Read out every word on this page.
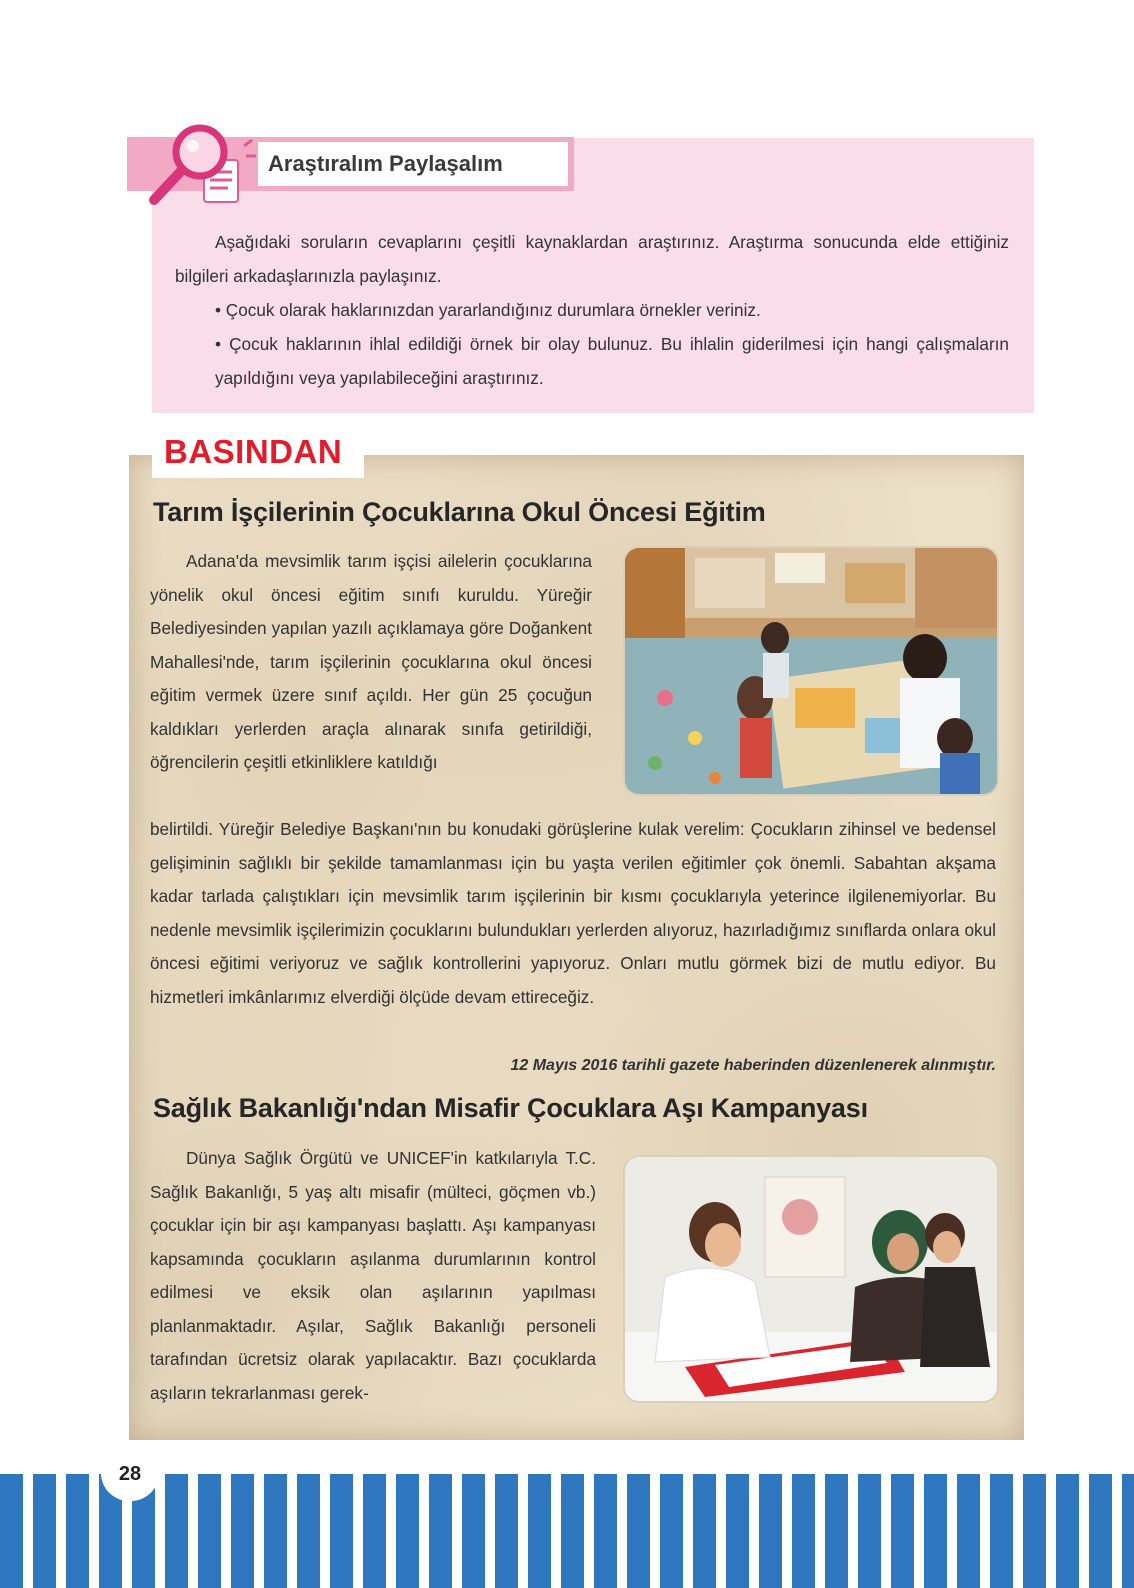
Araştıralım Paylaşalım

Aşağıdaki soruların cevaplarını çeşitli kaynaklardan araştırınız. Araştırma sonucunda elde ettiğiniz bilgileri arkadaşlarınızla paylaşınız.

• Çocuk olarak haklarınızdan yararlandığınız durumlara örnekler veriniz.

• Çocuk haklarının ihlal edildiği örnek bir olay bulunuz. Bu ihlalin giderilmesi için hangi çalışmaların yapıldığını veya yapılabileceğini araştırınız.

BASINDAN
Tarım İşçilerinin Çocuklarına Okul Öncesi Eğitim

Adana'da mevsimlik tarım işçisi ailelerin çocuklarına yönelik okul öncesi eğitim sınıfı kuruldu. Yüreğir Belediyesinden yapılan yazılı açıklamaya göre Doğankent Mahallesi'nde, tarım işçilerinin çocuklarına okul öncesi eğitim vermek üzere sınıf açıldı. Her gün 25 çocuğun kaldıkları yerlerden araçla alınarak sınıfa getirildiği, öğrencilerin çeşitli etkinliklere katıldığı

belirtildi. Yüreğir Belediye Başkanı'nın bu konudaki görüşlerine kulak verelim: Çocukların zihinsel ve bedensel gelişiminin sağlıklı bir şekilde tamamlanması için bu yaşta verilen eğitimler çok önemli. Sabahtan akşama kadar tarlada çalıştıkları için mevsimlik tarım işçilerinin bir kısmı çocuklarıyla yeterince ilgilenemiyorlar. Bu nedenle mevsimlik işçilerimizin çocuklarını bulundukları yerlerden alıyoruz, hazırladığımız sınıflarda onlara okul öncesi eğitimi veriyoruz ve sağlık kontrollerini yapıyoruz. Onları mutlu görmek bizi de mutlu ediyor. Bu hizmetleri imkânlarımız elverdiği ölçüde devam ettireceğiz.

12 Mayıs 2016 tarihli gazete haberinden düzenlenerek alınmıştır.
Sağlık Bakanlığı'ndan Misafir Çocuklara Aşı Kampanyası

Dünya Sağlık Örgütü ve UNICEF'in katkılarıyla T.C. Sağlık Bakanlığı, 5 yaş altı misafir (mülteci, göçmen vb.) çocuklar için bir aşı kampanyası başlattı. Aşı kampanyası kapsamında çocukların aşılanma durumlarının kontrol edilmesi ve eksik olan aşılarının yapılması planlanmaktadır. Aşılar, Sağlık Bakanlığı personeli tarafından ücretsiz olarak yapılacaktır. Bazı çocuklarda aşıların tekrarlanması gerek-

28
